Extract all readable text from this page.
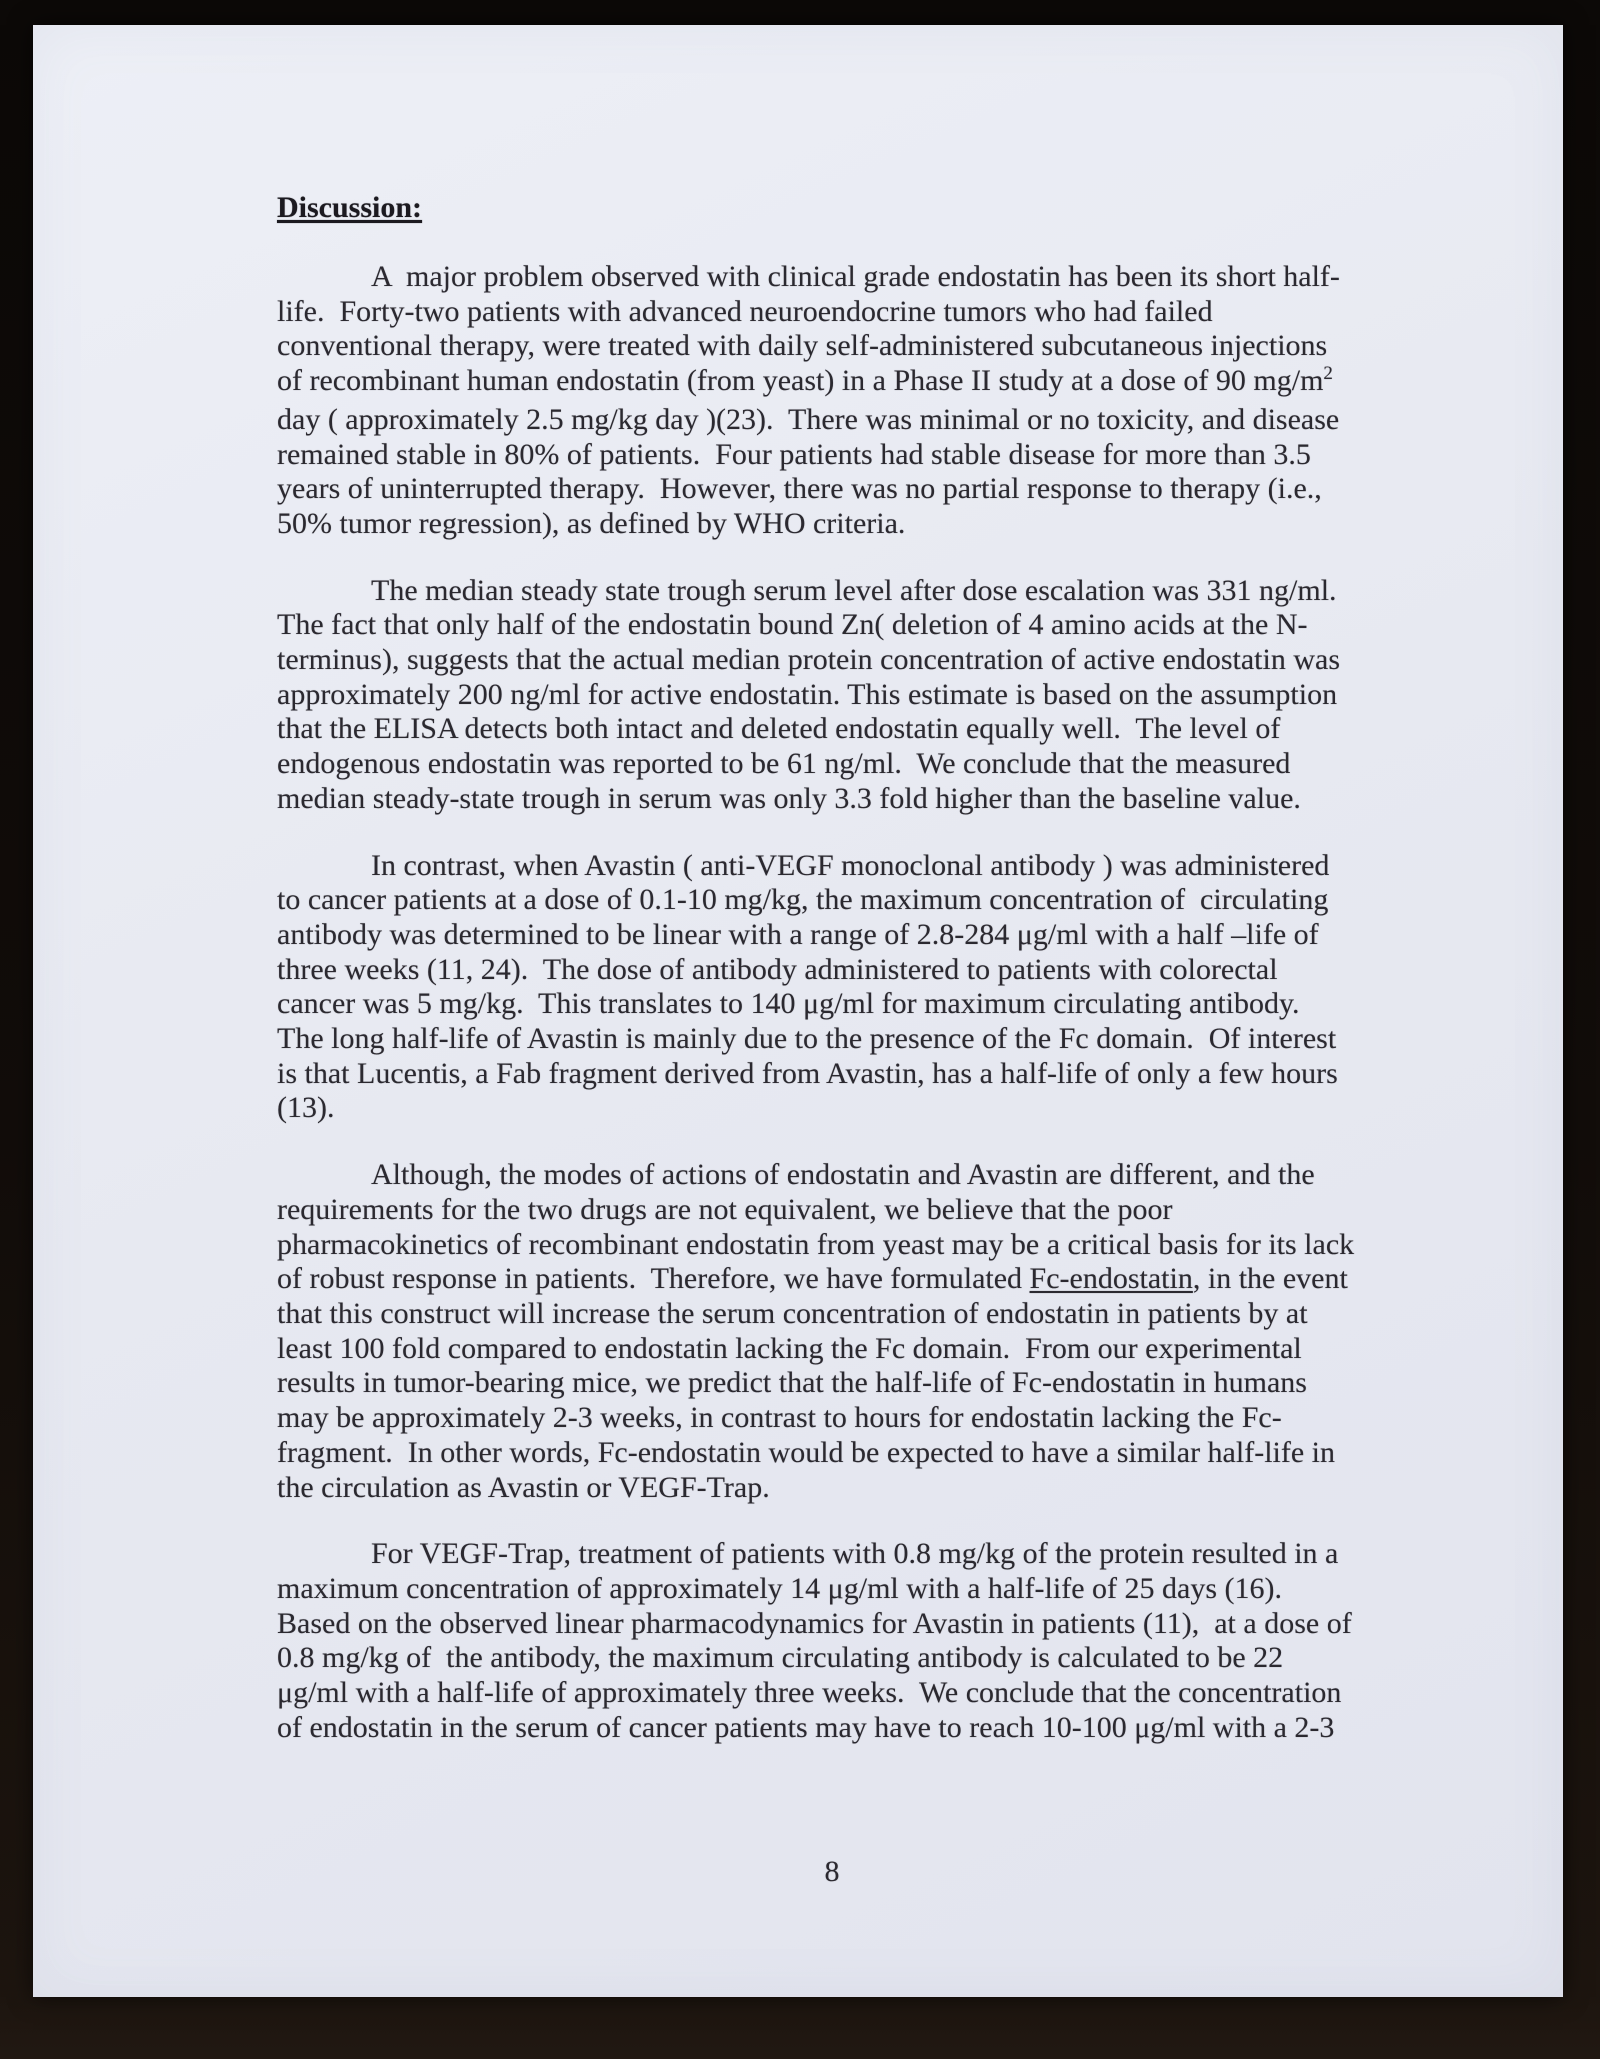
Discussion:
A  major problem observed with clinical grade endostatin has been its short half-
life.  Forty-two patients with advanced neuroendocrine tumors who had failed
conventional therapy, were treated with daily self-administered subcutaneous injections
of recombinant human endostatin (from yeast) in a Phase II study at a dose of 90 $mg/m^2$
day ( approximately 2.5 mg/kg day )(23).  There was minimal or no toxicity, and disease
remained stable in 80% of patients.  Four patients had stable disease for more than 3.5
years of uninterrupted therapy.  However, there was no partial response to therapy (i.e.,
50% tumor regression), as defined by WHO criteria.
The median steady state trough serum level after dose escalation was 331 ng/ml.
The fact that only half of the endostatin bound Zn( deletion of 4 amino acids at the N-
terminus), suggests that the actual median protein concentration of active endostatin was
approximately 200 ng/ml for active endostatin. This estimate is based on the assumption
that the ELISA detects both intact and deleted endostatin equally well.  The level of
endogenous endostatin was reported to be 61 ng/ml.  We conclude that the measured
median steady-state trough in serum was only 3.3 fold higher than the baseline value.
In contrast, when Avastin ( anti-VEGF monoclonal antibody ) was administered
to cancer patients at a dose of 0.1-10 mg/kg, the maximum concentration of  circulating
antibody was determined to be linear with a range of 2.8-284 μg/ml with a half –life of
three weeks (11, 24).  The dose of antibody administered to patients with colorectal
cancer was 5 mg/kg.  This translates to 140 μg/ml for maximum circulating antibody.
The long half-life of Avastin is mainly due to the presence of the Fc domain.  Of interest
is that Lucentis, a Fab fragment derived from Avastin, has a half-life of only a few hours
(13).
Although, the modes of actions of endostatin and Avastin are different, and the
requirements for the two drugs are not equivalent, we believe that the poor
pharmacokinetics of recombinant endostatin from yeast may be a critical basis for its lack
of robust response in patients.  Therefore, we have formulated Fc-endostatin, in the event
that this construct will increase the serum concentration of endostatin in patients by at
least 100 fold compared to endostatin lacking the Fc domain.  From our experimental
results in tumor-bearing mice, we predict that the half-life of Fc-endostatin in humans
may be approximately 2-3 weeks, in contrast to hours for endostatin lacking the Fc-
fragment.  In other words, Fc-endostatin would be expected to have a similar half-life in
the circulation as Avastin or VEGF-Trap.
For VEGF-Trap, treatment of patients with 0.8 mg/kg of the protein resulted in a
maximum concentration of approximately 14 μg/ml with a half-life of 25 days (16).
Based on the observed linear pharmacodynamics for Avastin in patients (11),  at a dose of
0.8 mg/kg of  the antibody, the maximum circulating antibody is calculated to be 22
μg/ml with a half-life of approximately three weeks.  We conclude that the concentration
of endostatin in the serum of cancer patients may have to reach 10-100 μg/ml with a 2-3
8
